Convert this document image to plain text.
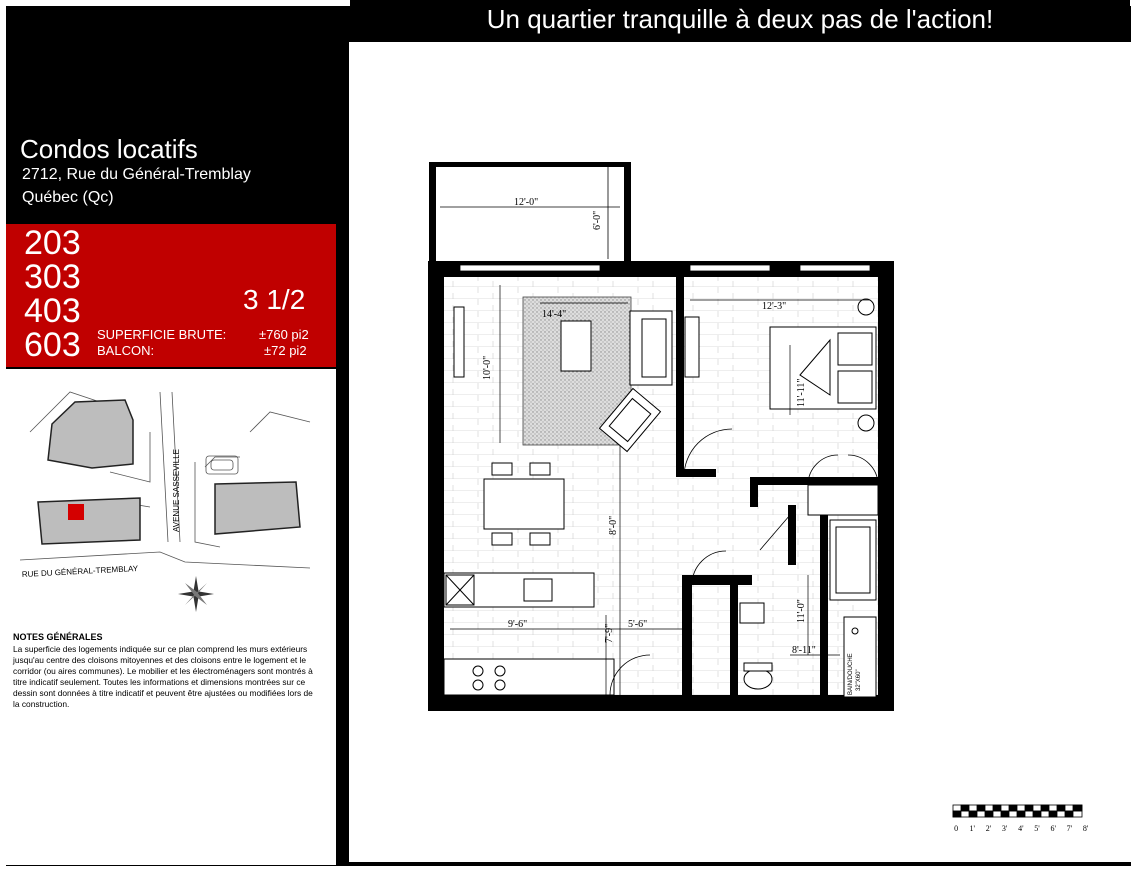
Un quartier tranquille à deux pas de l'action!
Condos locatifs
2712, Rue du Général-Tremblay
Québec (Qc)
203
303
403
603
3 1/2
SUPERFICIE BRUTE:	±760 pi2
BALCON:	±72 pi2
AVENUE SASSEVILLE
RUE DU GÉNÉRAL-TREMBLAY
NOTES GÉNÉRALES
La superficie des logements indiquée sur ce plan comprend les murs extérieurs jusqu'au centre des cloisons mitoyennes et des cloisons entre le logement et le corridor (ou aires communes). Le mobilier et les électroménagers sont montrés à titre indicatif seulement. Toutes les informations et dimensions montrées sur ce dessin sont données à titre indicatif et peuvent être ajustées ou modifiées lors de la construction.
12'-0"
6'-0"
14'-4"
10'-0"
12'-3"
11'-11"
8'-0"
9'-6"	5'-6"
7'-9"
11'-0"
8'-11"
BAIN/DOUCHE 32"X60"
0 1' 2' 3' 4' 5' 6' 7' 8'
